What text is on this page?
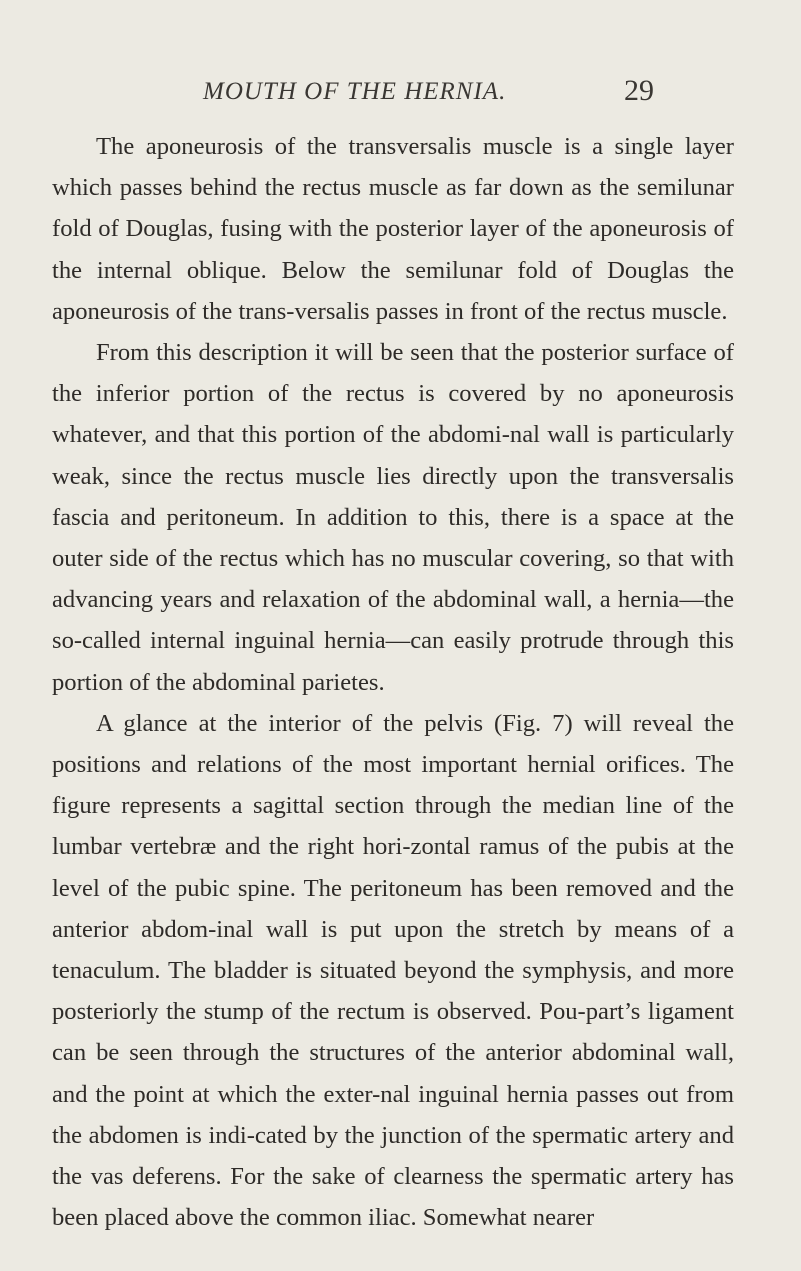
MOUTH OF THE HERNIA.	29

The aponeurosis of the transversalis muscle is a single layer which passes behind the rectus muscle as far down as the semilunar fold of Douglas, fusing with the posterior layer of the aponeurosis of the internal oblique. Below the semilunar fold of Douglas the aponeurosis of the trans-versalis passes in front of the rectus muscle.

From this description it will be seen that the posterior surface of the inferior portion of the rectus is covered by no aponeurosis whatever, and that this portion of the abdomi-nal wall is particularly weak, since the rectus muscle lies directly upon the transversalis fascia and peritoneum. In addition to this, there is a space at the outer side of the rectus which has no muscular covering, so that with advancing years and relaxation of the abdominal wall, a hernia—the so-called internal inguinal hernia—can easily protrude through this portion of the abdominal parietes.

A glance at the interior of the pelvis (Fig. 7) will reveal the positions and relations of the most important hernial orifices. The figure represents a sagittal section through the median line of the lumbar vertebræ and the right hori-zontal ramus of the pubis at the level of the pubic spine. The peritoneum has been removed and the anterior abdom-inal wall is put upon the stretch by means of a tenaculum. The bladder is situated beyond the symphysis, and more posteriorly the stump of the rectum is observed. Pou-part’s ligament can be seen through the structures of the anterior abdominal wall, and the point at which the exter-nal inguinal hernia passes out from the abdomen is indi-cated by the junction of the spermatic artery and the vas deferens. For the sake of clearness the spermatic artery has been placed above the common iliac. Somewhat nearer
